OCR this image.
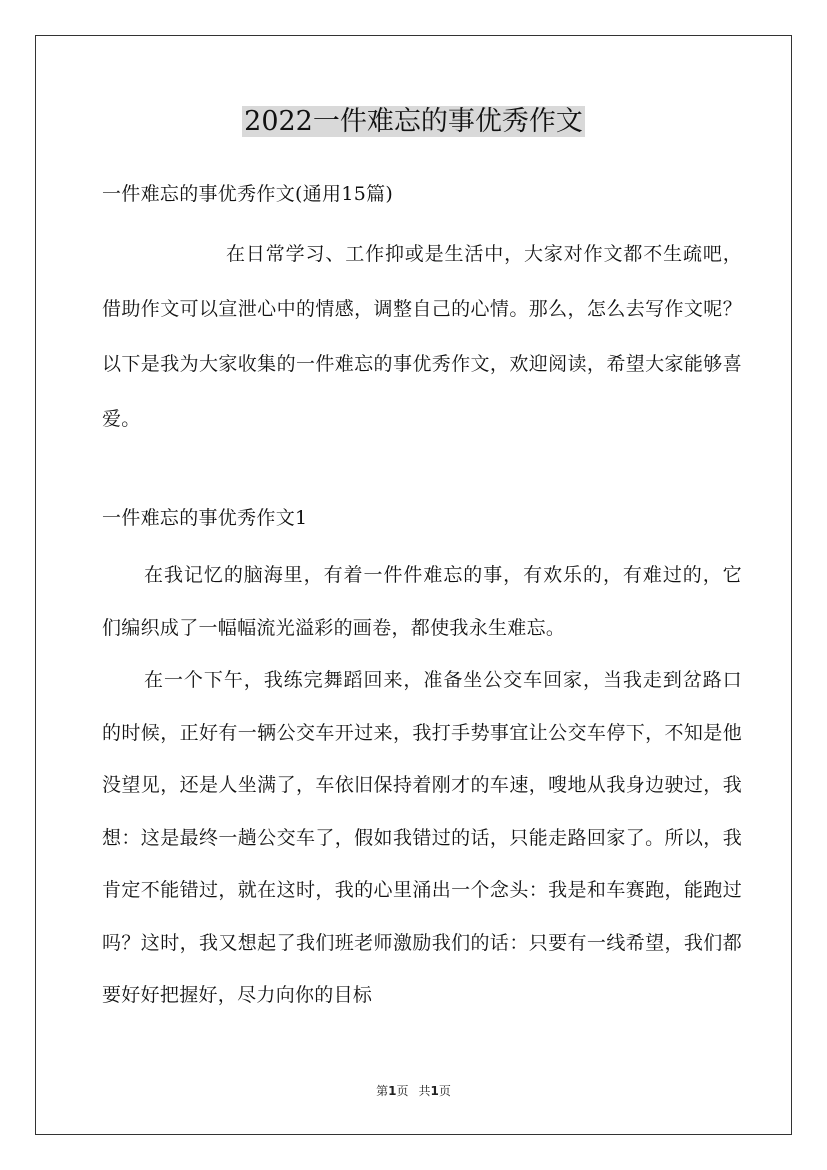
2022一件难忘的事优秀作文
一件难忘的事优秀作文(通用15篇)

在日常学习、工作抑或是生活中，大家对作文都不生疏吧，借助作文可以宣泄心中的情感，调整自己的心情。那么，怎么去写作文呢？以下是我为大家收集的一件难忘的事优秀作文，欢迎阅读，希望大家能够喜爱。

一件难忘的事优秀作文1

在我记忆的脑海里，有着一件件难忘的事，有欢乐的，有难过的，它们编织成了一幅幅流光溢彩的画卷，都使我永生难忘。

在一个下午，我练完舞蹈回来，准备坐公交车回家，当我走到岔路口的时候，正好有一辆公交车开过来，我打手势事宜让公交车停下，不知是他没望见，还是人坐满了，车依旧保持着刚才的车速，嗖地从我身边驶过，我想：这是最终一趟公交车了，假如我错过的话，只能走路回家了。所以，我肯定不能错过，就在这时，我的心里涌出一个念头：我是和车赛跑，能跑过吗？这时，我又想起了我们班老师激励我们的话：只要有一线希望，我们都要好好把握好，尽力向你的目标

第1页 共1页
